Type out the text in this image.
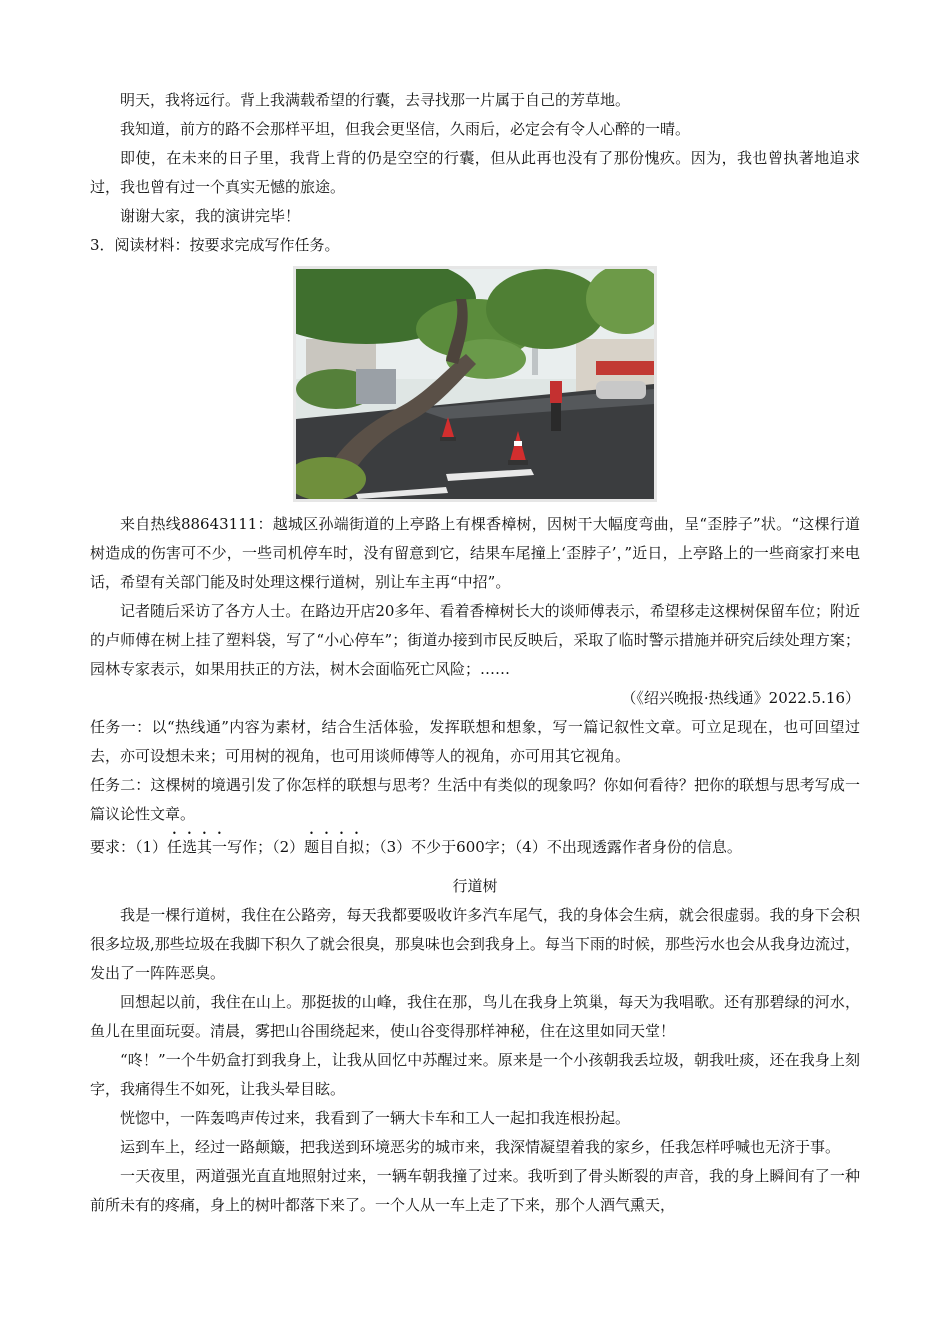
明天，我将远行。背上我满载希望的行囊，去寻找那一片属于自己的芳草地。

我知道，前方的路不会那样平坦，但我会更坚信，久雨后，必定会有令人心醉的一晴。

即使，在未来的日子里，我背上背的仍是空空的行囊，但从此再也没有了那份愧疚。因为，我也曾执著地追求过，我也曾有过一个真实无憾的旅途。

谢谢大家，我的演讲完毕！

3．阅读材料：按要求完成写作任务。

来自热线88643111：越城区孙端街道的上亭路上有棵香樟树，因树干大幅度弯曲，呈“歪脖子”状。“这棵行道树造成的伤害可不少，一些司机停车时，没有留意到它，结果车尾撞上‘歪脖子’，”近日，上亭路上的一些商家打来电话，希望有关部门能及时处理这棵行道树，别让车主再“中招”。

记者随后采访了各方人士。在路边开店20多年、看着香樟树长大的谈师傅表示，希望移走这棵树保留车位；附近的卢师傅在树上挂了塑料袋，写了“小心停车”；街道办接到市民反映后，采取了临时警示措施并研究后续处理方案；园林专家表示，如果用扶正的方法，树木会面临死亡风险；……

（《绍兴晚报·热线通》2022.5.16）

任务一：以“热线通”内容为素材，结合生活体验，发挥联想和想象，写一篇记叙性文章。可立足现在，也可回望过去，亦可设想未来；可用树的视角，也可用谈师傅等人的视角，亦可用其它视角。

任务二：这棵树的境遇引发了你怎样的联想与思考？生活中有类似的现象吗？你如何看待？把你的联想与思考写成一篇议论性文章。

要求：（1）任选其一写作；（2）题目自拟；（3）不少于600字；（4）不出现透露作者身份的信息。

行道树

我是一棵行道树，我住在公路旁，每天我都要吸收许多汽车尾气，我的身体会生病，就会很虚弱。我的身下会积很多垃圾,那些垃圾在我脚下积久了就会很臭，那臭味也会到我身上。每当下雨的时候，那些污水也会从我身边流过，发出了一阵阵恶臭。

回想起以前，我住在山上。那挺拔的山峰，我住在那，鸟儿在我身上筑巢，每天为我唱歌。还有那碧绿的河水，鱼儿在里面玩耍。清晨，雾把山谷围绕起来，使山谷变得那样神秘，住在这里如同天堂！

“咚！”一个牛奶盒打到我身上，让我从回忆中苏醒过来。原来是一个小孩朝我丢垃圾，朝我吐痰，还在我身上刻字，我痛得生不如死，让我头晕目眩。

恍惚中，一阵轰鸣声传过来，我看到了一辆大卡车和工人一起扣我连根扮起。

运到车上，经过一路颠簸，把我送到环境恶劣的城市来，我深情凝望着我的家乡，任我怎样呼喊也无济于事。

一天夜里，两道强光直直地照射过来，一辆车朝我撞了过来。我听到了骨头断裂的声音，我的身上瞬间有了一种前所未有的疼痛，身上的树叶都落下来了。一个人从一车上走了下来，那个人酒气熏天，
